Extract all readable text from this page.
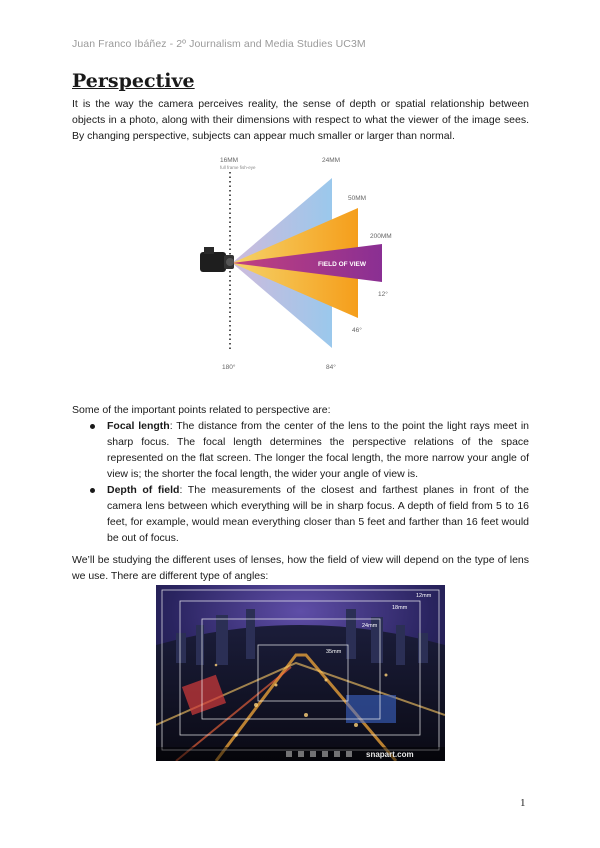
Juan Franco Ibáñez - 2º Journalism and Media Studies UC3M
Perspective

It is the way the camera perceives reality, the sense of depth or spatial relationship between objects in a photo, along with their dimensions with respect to what the viewer of the image sees. By changing perspective, subjects can appear much smaller or larger than normal.

16MM
full frame fish-eye
24MM
50MM
200MM
FIELD OF VIEW
12°
46°
180°	84°

Some of the important points related to perspective are:

Focal length: The distance from the center of the lens to the point the light rays meet in sharp focus. The focal length determines the perspective relations of the space represented on the flat screen. The longer the focal length, the more narrow your angle of view is; the shorter the focal length, the wider your angle of view is.
Depth of field: The measurements of the closest and farthest planes in front of the camera lens between which everything will be in sharp focus. A depth of field from 5 to 16 feet, for example, would mean everything closer than 5 feet and farther than 16 feet would be out of focus.

We’ll be studying the different uses of lenses, how the field of view will depend on the type of lens we use. There are different type of angles:

12mm
18mm
24mm
35mm
snapart.com
1
